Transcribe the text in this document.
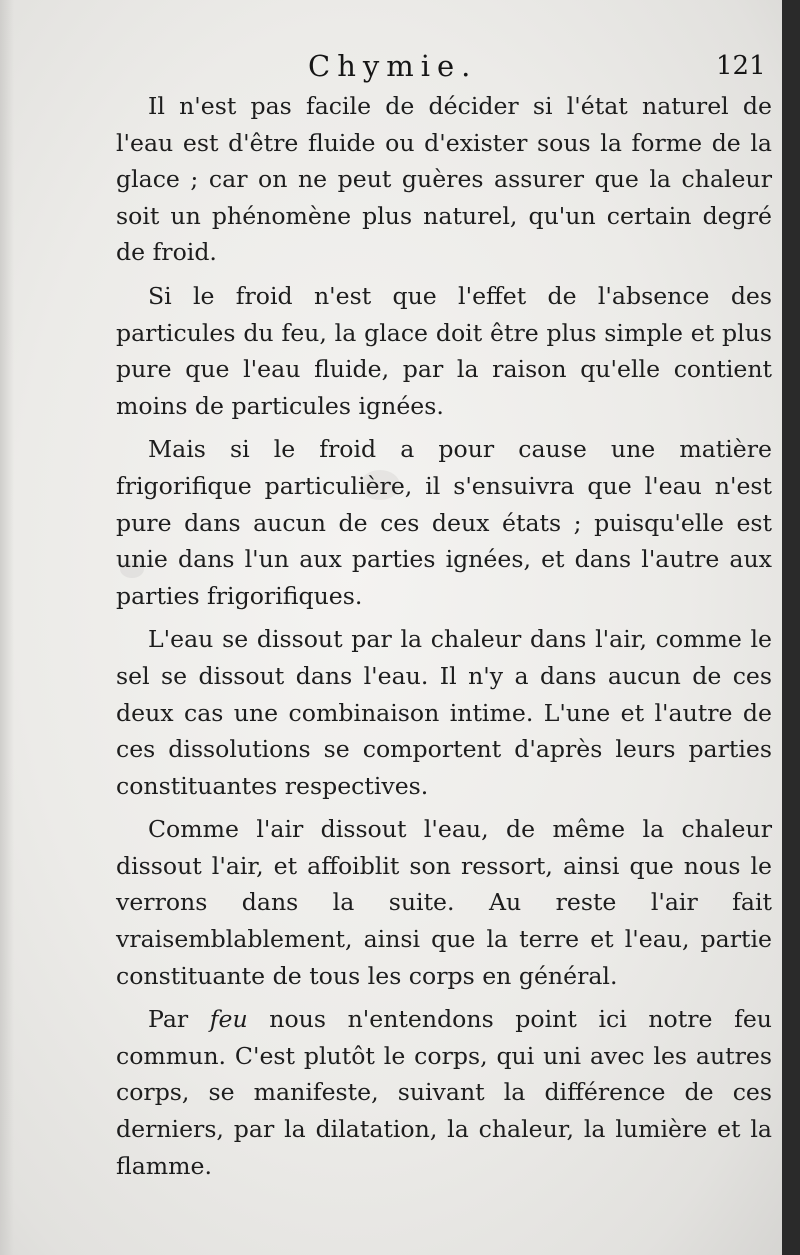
Chymie.	121

Il n'est pas facile de décider si l'état naturel de l'eau est d'être fluide ou d'exister sous la forme de la glace ; car on ne peut guères assurer que la chaleur soit un phénomène plus naturel, qu'un certain degré de froid.

Si le froid n'est que l'effet de l'absence des particules du feu, la glace doit être plus simple et plus pure que l'eau fluide, par la raison qu'elle contient moins de particules ignées.

Mais si le froid a pour cause une matière frigorifique particulière, il s'ensuivra que l'eau n'est pure dans aucun de ces deux états ; puisqu'elle est unie dans l'un aux parties ignées, et dans l'autre aux parties frigorifiques.

L'eau se dissout par la chaleur dans l'air, comme le sel se dissout dans l'eau. Il n'y a dans aucun de ces deux cas une combinaison intime. L'une et l'autre de ces dissolutions se comportent d'après leurs parties constituantes respectives.

Comme l'air dissout l'eau, de même la chaleur dissout l'air, et affoiblit son ressort, ainsi que nous le verrons dans la suite. Au reste l'air fait vraisemblablement, ainsi que la terre et l'eau, partie constituante de tous les corps en général.

Par feu nous n'entendons point ici notre feu commun. C'est plutôt le corps, qui uni avec les autres corps, se manifeste, suivant la différence de ces derniers, par la dilatation, la chaleur, la lumière et la flamme.
